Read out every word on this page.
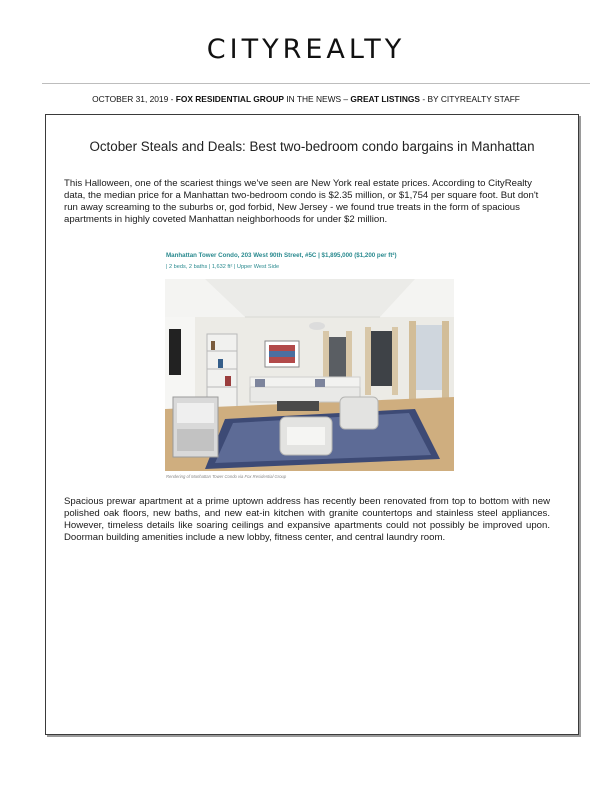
CITYREALTY
OCTOBER 31, 2019 - FOX RESIDENTIAL GROUP IN THE NEWS – GREAT LISTINGS - BY CITYREALTY STAFF
October Steals and Deals: Best two-bedroom condo bargains in Manhattan

This Halloween, one of the scariest things we've seen are New York real estate prices. According to CityRealty data, the median price for a Manhattan two-bedroom condo is $2.35 million, or $1,754 per square foot. But don't run away screaming to the suburbs or, god forbid, New Jersey - we found true treats in the form of spacious apartments in highly coveted Manhattan neighborhoods for under $2 million.

Manhattan Tower Condo, 203 West 90th Street, #5C | $1,895,000 ($1,200 per ft²)
| 2 beds, 2 baths | 1,632 ft² | Upper West Side
Rendering of Manhattan Tower Condo via Fox Residential Group

Spacious prewar apartment at a prime uptown address has recently been renovated from top to bottom with new polished oak floors, new baths, and new eat-in kitchen with granite countertops and stainless steel appliances. However, timeless details like soaring ceilings and expansive apartments could not possibly be improved upon. Doorman building amenities include a new lobby, fitness center, and central laundry room.
